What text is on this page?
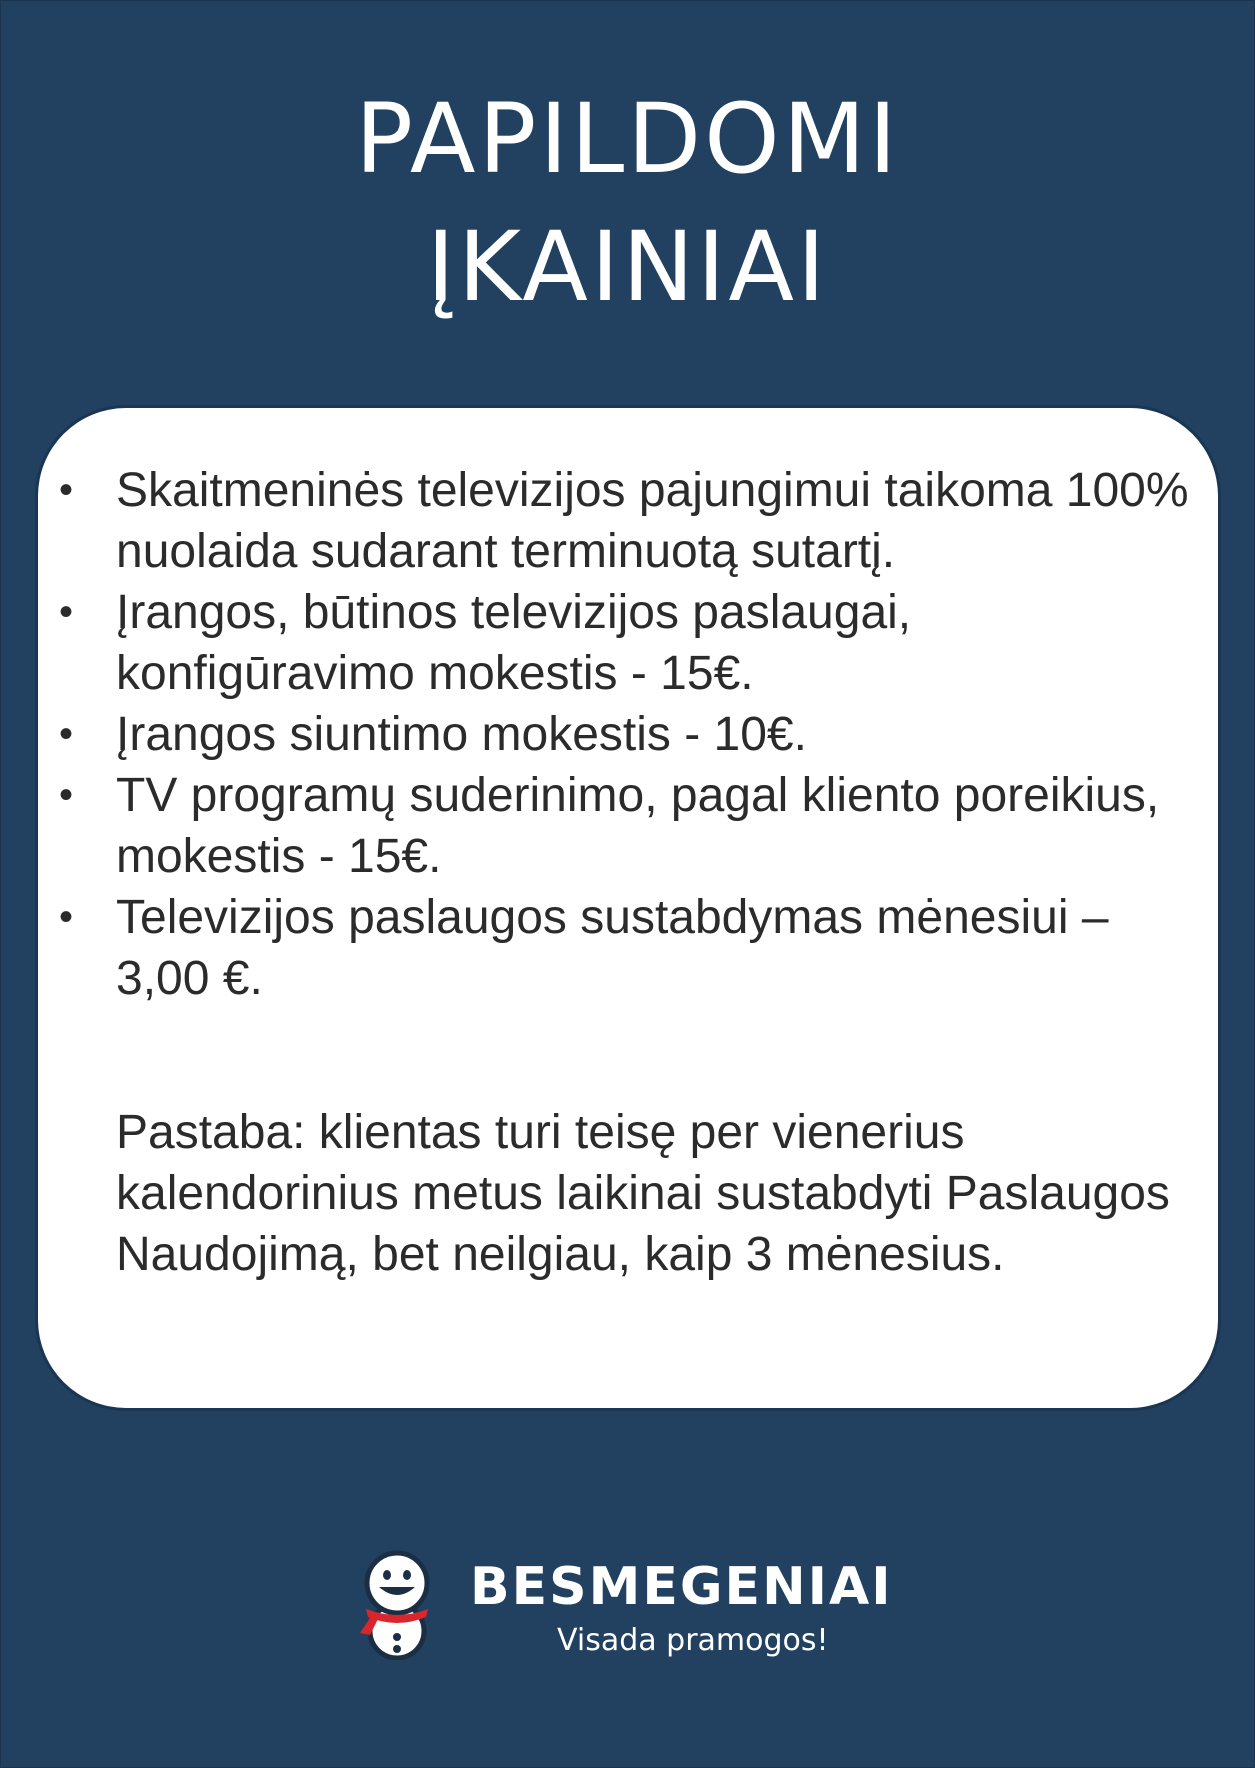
PAPILDOMI
ĮKAINIAI
• Skaitmeninės televizijos pajungimui taikoma 100% nuolaida sudarant terminuotą sutartį.
• Įrangos, būtinos televizijos paslaugai, konfigūravimo mokestis - 15€.
• Įrangos siuntimo mokestis - 10€.
• TV programų suderinimo, pagal kliento poreikius, mokestis - 15€.
• Televizijos paslaugos sustabdymas mėnesiui – 3,00 €.

Pastaba: klientas turi teisę per vienerius kalendorinius metus laikinai sustabdyti Paslaugos Naudojimą, bet neilgiau, kaip 3 mėnesius.

BESMEGENIAI
Visada pramogos!
